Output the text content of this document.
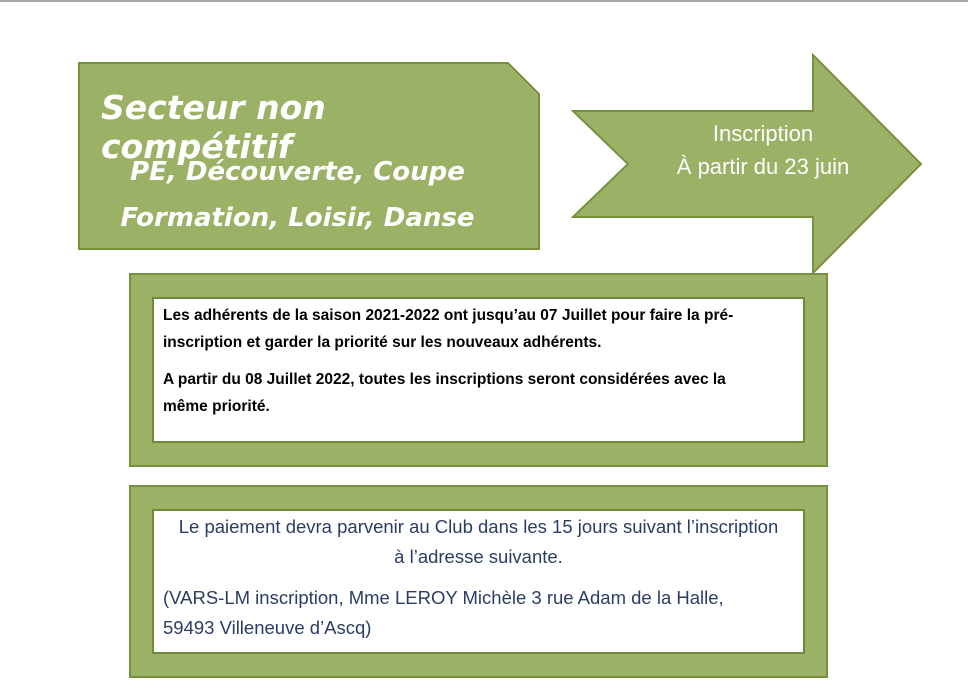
Secteur non compétitif
PE, Découverte, Coupe
Formation, Loisir, Danse
Inscription
À partir du 23 juin
Les adhérents de la saison 2021-2022 ont jusqu’au 07 Juillet pour faire la pré-
inscription et garder la priorité sur les nouveaux adhérents.
A partir du 08 Juillet 2022, toutes les inscriptions seront considérées avec la
même priorité.
Le paiement devra parvenir au Club dans les 15 jours suivant l’inscription
à l’adresse suivante.
(VARS-LM inscription, Mme LEROY Michèle 3 rue Adam de la Halle,
59493 Villeneuve d’Ascq)
